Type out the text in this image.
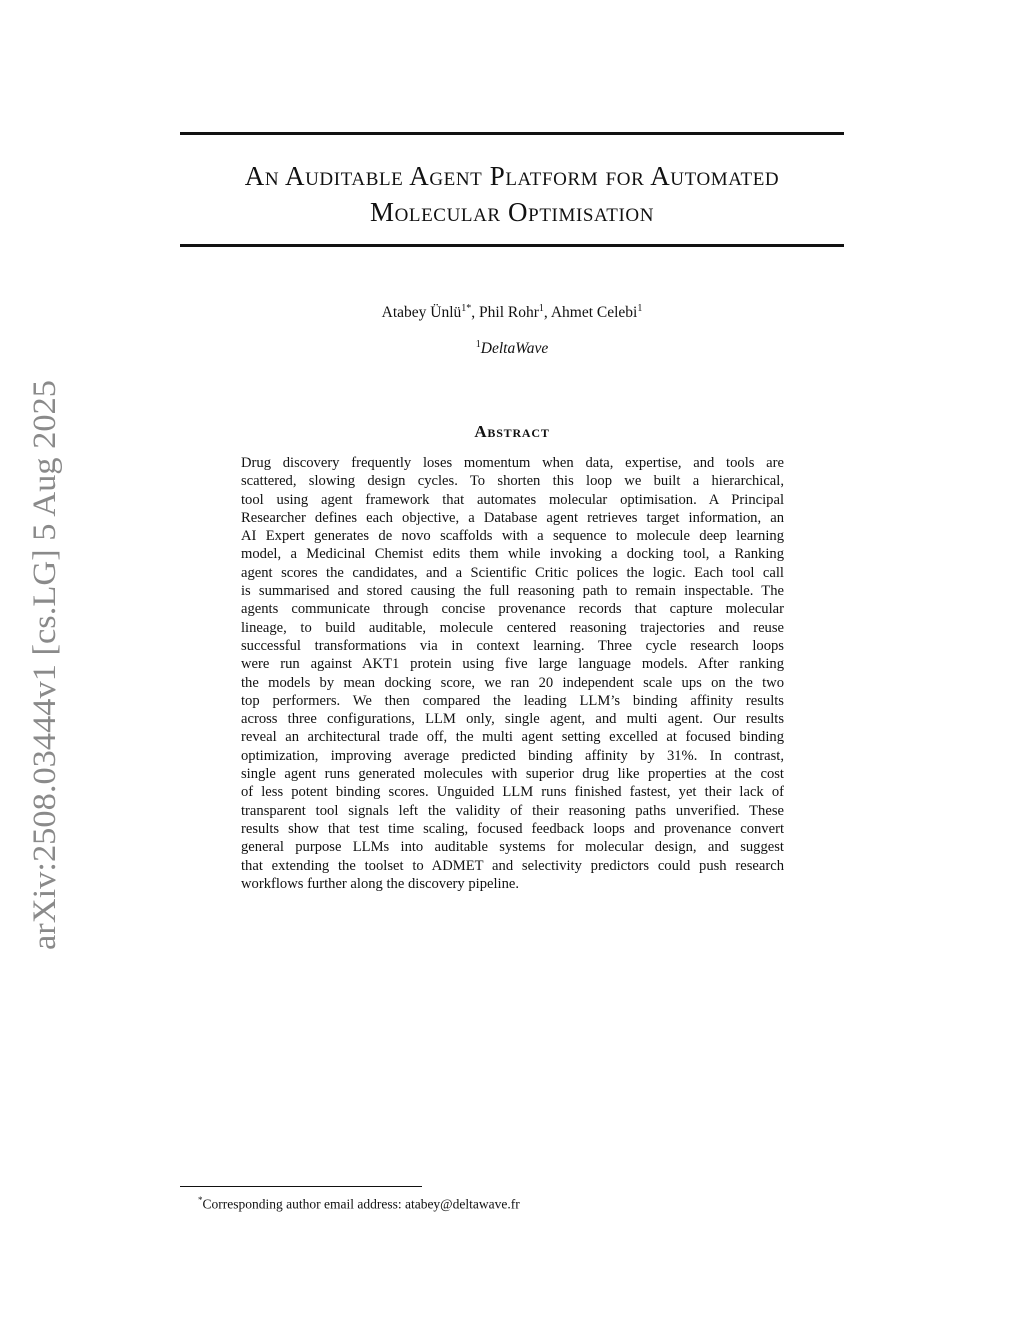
arXiv:2508.03444v1 [cs.LG] 5 Aug 2025
An Auditable Agent Platform for Automated
Molecular Optimisation
Atabey Ünlü$^{1*}$, Phil Rohr$^1$, Ahmet Celebi$^1$
$^1$DeltaWave
Abstract
Drug discovery frequently loses momentum when data, expertise, and tools are
scattered, slowing design cycles. To shorten this loop we built a hierarchical,
tool using agent framework that automates molecular optimisation. A Principal
Researcher defines each objective, a Database agent retrieves target information, an
AI Expert generates de novo scaffolds with a sequence to molecule deep learning
model, a Medicinal Chemist edits them while invoking a docking tool, a Ranking
agent scores the candidates, and a Scientific Critic polices the logic. Each tool call
is summarised and stored causing the full reasoning path to remain inspectable. The
agents communicate through concise provenance records that capture molecular
lineage, to build auditable, molecule centered reasoning trajectories and reuse
successful transformations via in context learning. Three cycle research loops
were run against AKT1 protein using five large language models. After ranking
the models by mean docking score, we ran 20 independent scale ups on the two
top performers. We then compared the leading LLM’s binding affinity results
across three configurations, LLM only, single agent, and multi agent. Our results
reveal an architectural trade off, the multi agent setting excelled at focused binding
optimization, improving average predicted binding affinity by 31%. In contrast,
single agent runs generated molecules with superior drug like properties at the cost
of less potent binding scores. Unguided LLM runs finished fastest, yet their lack of
transparent tool signals left the validity of their reasoning paths unverified. These
results show that test time scaling, focused feedback loops and provenance convert
general purpose LLMs into auditable systems for molecular design, and suggest
that extending the toolset to ADMET and selectivity predictors could push research
workflows further along the discovery pipeline.
*Corresponding author email address: atabey@deltawave.fr
